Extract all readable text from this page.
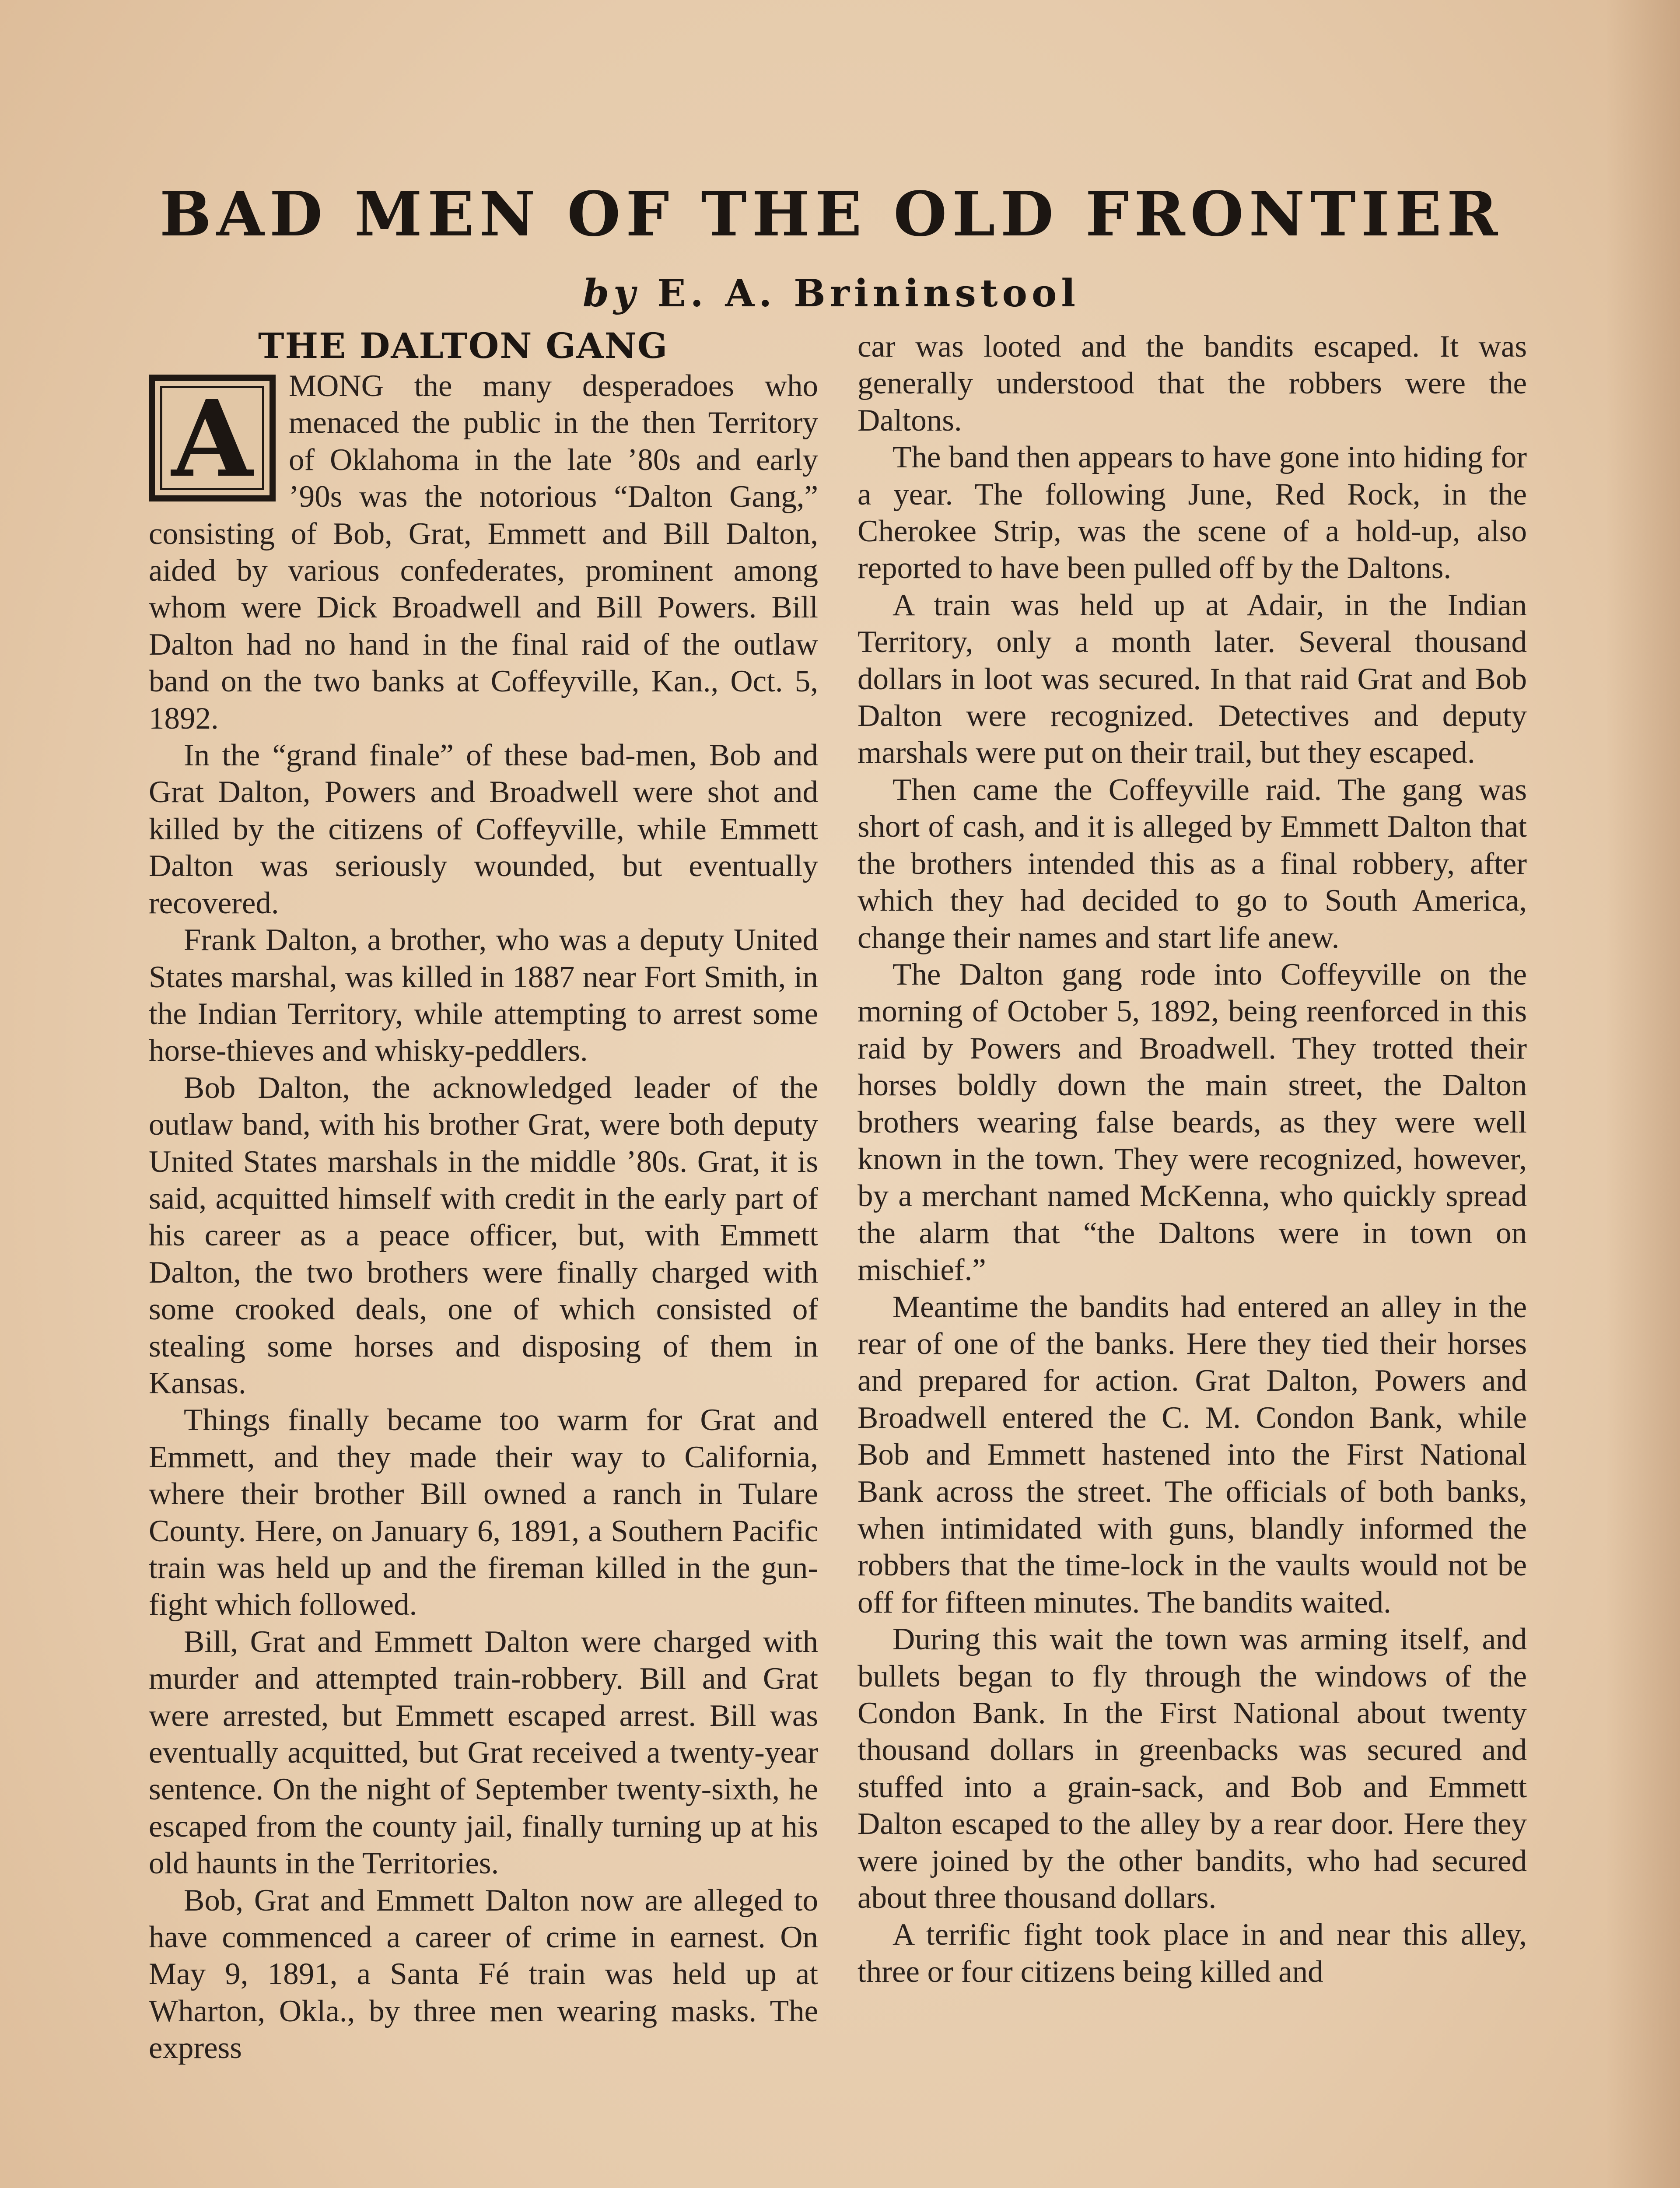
BAD MEN OF THE OLD FRONTIER
by E. A. Brininstool
THE DALTON GANG

A	MONG the many desperadoes who menaced the public in the then Territory of Oklahoma in the late ’80s and early ’90s was the notorious “Dalton Gang,” consisting of Bob, Grat, Emmett and Bill Dalton, aided by various confederates, prominent among whom were Dick Broadwell and Bill Powers. Bill Dalton had no hand in the final raid of the outlaw band on the two banks at Coffeyville, Kan., Oct. 5, 1892.

In the “grand finale” of these bad-men, Bob and Grat Dalton, Powers and Broadwell were shot and killed by the citizens of Coffeyville, while Emmett Dalton was seriously wounded, but eventually recovered.

Frank Dalton, a brother, who was a deputy United States marshal, was killed in 1887 near Fort Smith, in the Indian Territory, while attempting to arrest some horse-thieves and whisky-peddlers.

Bob Dalton, the acknowledged leader of the outlaw band, with his brother Grat, were both deputy United States marshals in the middle ’80s. Grat, it is said, acquitted himself with credit in the early part of his career as a peace officer, but, with Emmett Dalton, the two brothers were finally charged with some crooked deals, one of which consisted of stealing some horses and disposing of them in Kansas.

Things finally became too warm for Grat and Emmett, and they made their way to California, where their brother Bill owned a ranch in Tulare County. Here, on January 6, 1891, a Southern Pacific train was held up and the fireman killed in the gun-fight which followed.

Bill, Grat and Emmett Dalton were charged with murder and attempted train-robbery. Bill and Grat were arrested, but Emmett escaped arrest. Bill was eventually acquitted, but Grat received a twenty-year sentence. On the night of September twenty-sixth, he escaped from the county jail, finally turning up at his old haunts in the Territories.

Bob, Grat and Emmett Dalton now are alleged to have commenced a career of crime in earnest. On May 9, 1891, a Santa Fé train was held up at Wharton, Okla., by three men wearing masks. The express

car was looted and the bandits escaped. It was generally understood that the robbers were the Daltons.

The band then appears to have gone into hiding for a year. The following June, Red Rock, in the Cherokee Strip, was the scene of a hold-up, also reported to have been pulled off by the Daltons.

A train was held up at Adair, in the Indian Territory, only a month later. Several thousand dollars in loot was secured. In that raid Grat and Bob Dalton were recognized. Detectives and deputy marshals were put on their trail, but they escaped.

Then came the Coffeyville raid. The gang was short of cash, and it is alleged by Emmett Dalton that the brothers intended this as a final robbery, after which they had decided to go to South America, change their names and start life anew.

The Dalton gang rode into Coffeyville on the morning of October 5, 1892, being reenforced in this raid by Powers and Broadwell. They trotted their horses boldly down the main street, the Dalton brothers wearing false beards, as they were well known in the town. They were recognized, however, by a merchant named McKenna, who quickly spread the alarm that “the Daltons were in town on mischief.”

Meantime the bandits had entered an alley in the rear of one of the banks. Here they tied their horses and prepared for action. Grat Dalton, Powers and Broadwell entered the C. M. Condon Bank, while Bob and Emmett hastened into the First National Bank across the street. The officials of both banks, when intimidated with guns, blandly informed the robbers that the time-lock in the vaults would not be off for fifteen minutes. The bandits waited.

During this wait the town was arming itself, and bullets began to fly through the windows of the Condon Bank. In the First National about twenty thousand dollars in greenbacks was secured and stuffed into a grain-sack, and Bob and Emmett Dalton escaped to the alley by a rear door. Here they were joined by the other bandits, who had secured about three thousand dollars.

A terrific fight took place in and near this alley, three or four citizens being killed and
